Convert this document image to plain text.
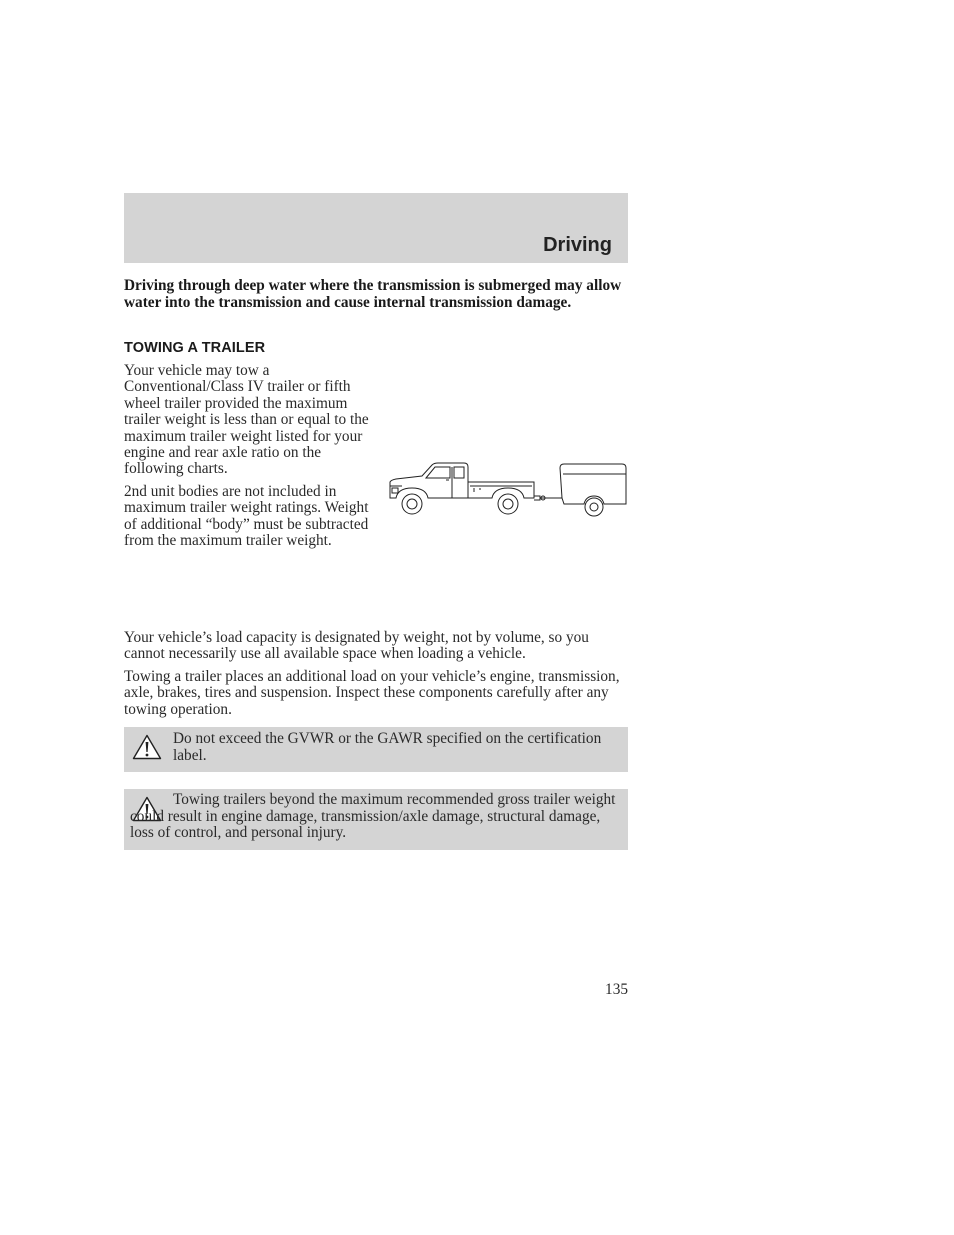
Driving
Driving through deep water where the transmission is submerged may allow water into the transmission and cause internal transmission damage.
TOWING A TRAILER
Your vehicle may tow a Conventional/Class IV trailer or fifth wheel trailer provided the maximum trailer weight is less than or equal to the maximum trailer weight listed for your engine and rear axle ratio on the following charts.
2nd unit bodies are not included in maximum trailer weight ratings. Weight of additional “body” must be subtracted from the maximum trailer weight.
Your vehicle’s load capacity is designated by weight, not by volume, so you cannot necessarily use all available space when loading a vehicle.
Towing a trailer places an additional load on your vehicle’s engine, transmission, axle, brakes, tires and suspension. Inspect these components carefully after any towing operation.
Do not exceed the GVWR or the GAWR specified on the certification label.
Towing trailers beyond the maximum recommended gross trailer weight could result in engine damage, transmission/axle damage, structural damage, loss of control, and personal injury.
135
